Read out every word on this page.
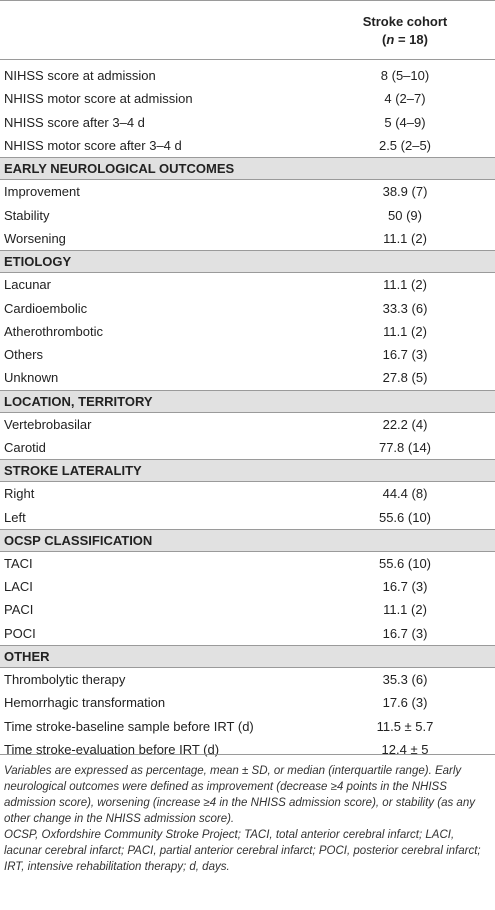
Stroke cohort
(n = 18)
NIHSS score at admission	8 (5–10)
NHISS motor score at admission	4 (2–7)
NHISS score after 3–4 d	5 (4–9)
NHISS motor score after 3–4 d	2.5 (2–5)
EARLY NEUROLOGICAL OUTCOMES
Improvement	38.9 (7)
Stability	50 (9)
Worsening	11.1 (2)
ETIOLOGY
Lacunar	11.1 (2)
Cardioembolic	33.3 (6)
Atherothrombotic	11.1 (2)
Others	16.7 (3)
Unknown	27.8 (5)
LOCATION, TERRITORY
Vertebrobasilar	22.2 (4)
Carotid	77.8 (14)
STROKE LATERALITY
Right	44.4 (8)
Left	55.6 (10)
OCSP CLASSIFICATION
TACI	55.6 (10)
LACI	16.7 (3)
PACI	11.1 (2)
POCI	16.7 (3)
OTHER
Thrombolytic therapy	35.3 (6)
Hemorrhagic transformation	17.6 (3)
Time stroke-baseline sample before IRT (d)	11.5 ± 5.7
Time stroke-evaluation before IRT (d)	12.4 ± 5

Variables are expressed as percentage, mean ± SD, or median (interquartile range). Early neurological outcomes were defined as improvement (decrease ≥4 points in the NHISS admission score), worsening (increase ≥4 in the NHISS admission score), or stability (as any other change in the NHISS admission score).

OCSP, Oxfordshire Community Stroke Project; TACI, total anterior cerebral infarct; LACI, lacunar cerebral infarct; PACI, partial anterior cerebral infarct; POCI, posterior cerebral infarct; IRT, intensive rehabilitation therapy; d, days.
